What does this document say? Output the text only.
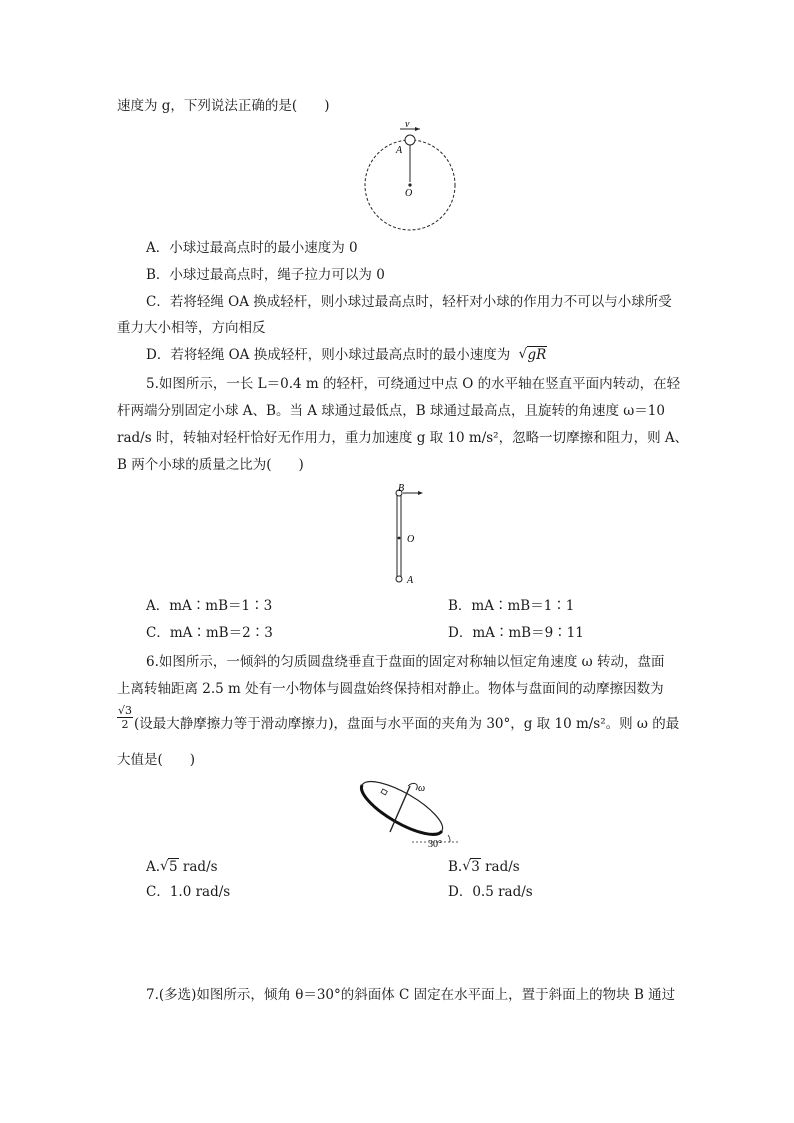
速度为 g，下列说法正确的是(　　)
v
A
O
A．小球过最高点时的最小速度为 0
B．小球过最高点时，绳子拉力可以为 0
C．若将轻绳 OA 换成轻杆，则小球过最高点时，轻杆对小球的作用力不可以与小球所受
重力大小相等，方向相反
D．若将轻绳 OA 换成轻杆，则小球过最高点时的最小速度为 √ gR
5.如图所示，一长 L＝0.4 m 的轻杆，可绕通过中点 O 的水平轴在竖直平面内转动，在轻
杆两端分别固定小球 A、B。当 A 球通过最低点，B 球通过最高点，且旋转的角速度 ω＝10
rad/s 时，转轴对轻杆恰好无作用力，重力加速度 g 取 10 m/s²，忽略一切摩擦和阻力，则 A、
B 两个小球的质量之比为(　　)
B
O
A
A．mA∶mB＝1∶3	B．mA∶mB＝1∶1
C．mA∶mB＝2∶3	D．mA∶mB＝9∶11
6.如图所示，一倾斜的匀质圆盘绕垂直于盘面的固定对称轴以恒定角速度 ω 转动，盘面
上离转轴距离 2.5 m 处有一小物体与圆盘始终保持相对静止。物体与盘面间的动摩擦因数为
$\frac{√3}{2}$ (设最大静摩擦力等于滑动摩擦力)，盘面与水平面的夹角为 30°，g 取 10 m/s²。则 ω 的最
大值是(　　)
ω
30°
A. √ 5 rad/s	B. √ 3 rad/s
C．1.0 rad/s	D．0.5 rad/s
7.(多选)如图所示，倾角 θ＝30°的斜面体 C 固定在水平面上，置于斜面上的物块 B 通过
